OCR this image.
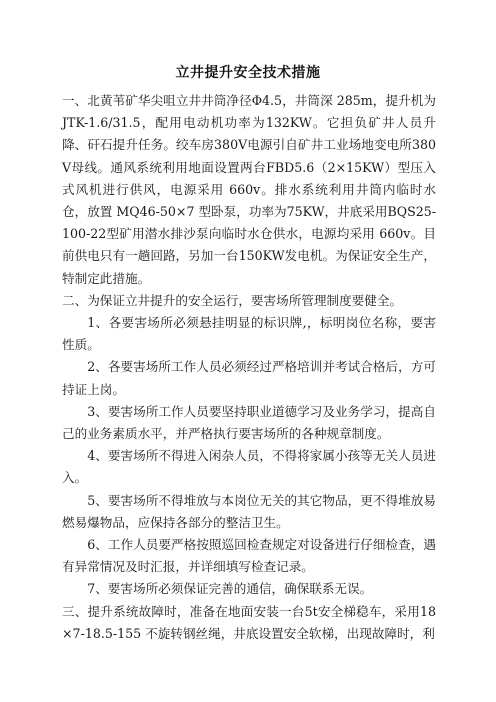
立井提升安全技术措施

一、北黄苇矿华尖咀立井井筒净径Φ4.5，井筒深 285m，提升机为JTK-1.6/31.5，配用电动机功率为132KW。它担负矿井人员升降、矸石提升任务。绞车房380V电源引自矿井工业场地变电所380V母线。通风系统利用地面设置两台FBD5.6（2×15KW）型压入式风机进行供风，电源采用 660v。排水系统利用井筒内临时水仓，放置 MQ46-50×7 型卧泵，功率为75KW，井底采用BQS25-100-22型矿用潜水排沙泵向临时水仓供水，电源均采用 660v。目前供电只有一趟回路，另加一台150KW发电机。为保证安全生产，特制定此措施。

二、为保证立井提升的安全运行，要害场所管理制度要健全。

1、各要害场所必须悬挂明显的标识牌,，标明岗位名称，要害性质。

2、各要害场所工作人员必须经过严格培训并考试合格后，方可持证上岗。

3、要害场所工作人员要坚持职业道德学习及业务学习，提高自己的业务素质水平，并严格执行要害场所的各种规章制度。

4、要害场所不得进入闲杂人员，不得将家属小孩等无关人员进入。

5、要害场所不得堆放与本岗位无关的其它物品，更不得堆放易燃易爆物品，应保持各部分的整洁卫生。

6、工作人员要严格按照巡回检查规定对设备进行仔细检查，遇有异常情况及时汇报，并详细填写检查记录。

7、要害场所必须保证完善的通信，确保联系无误。

三、提升系统故障时，准备在地面安装一台5t安全梯稳车，采用18×7-18.5-155 不旋转钢丝绳，井底设置安全软梯，出现故障时，利
